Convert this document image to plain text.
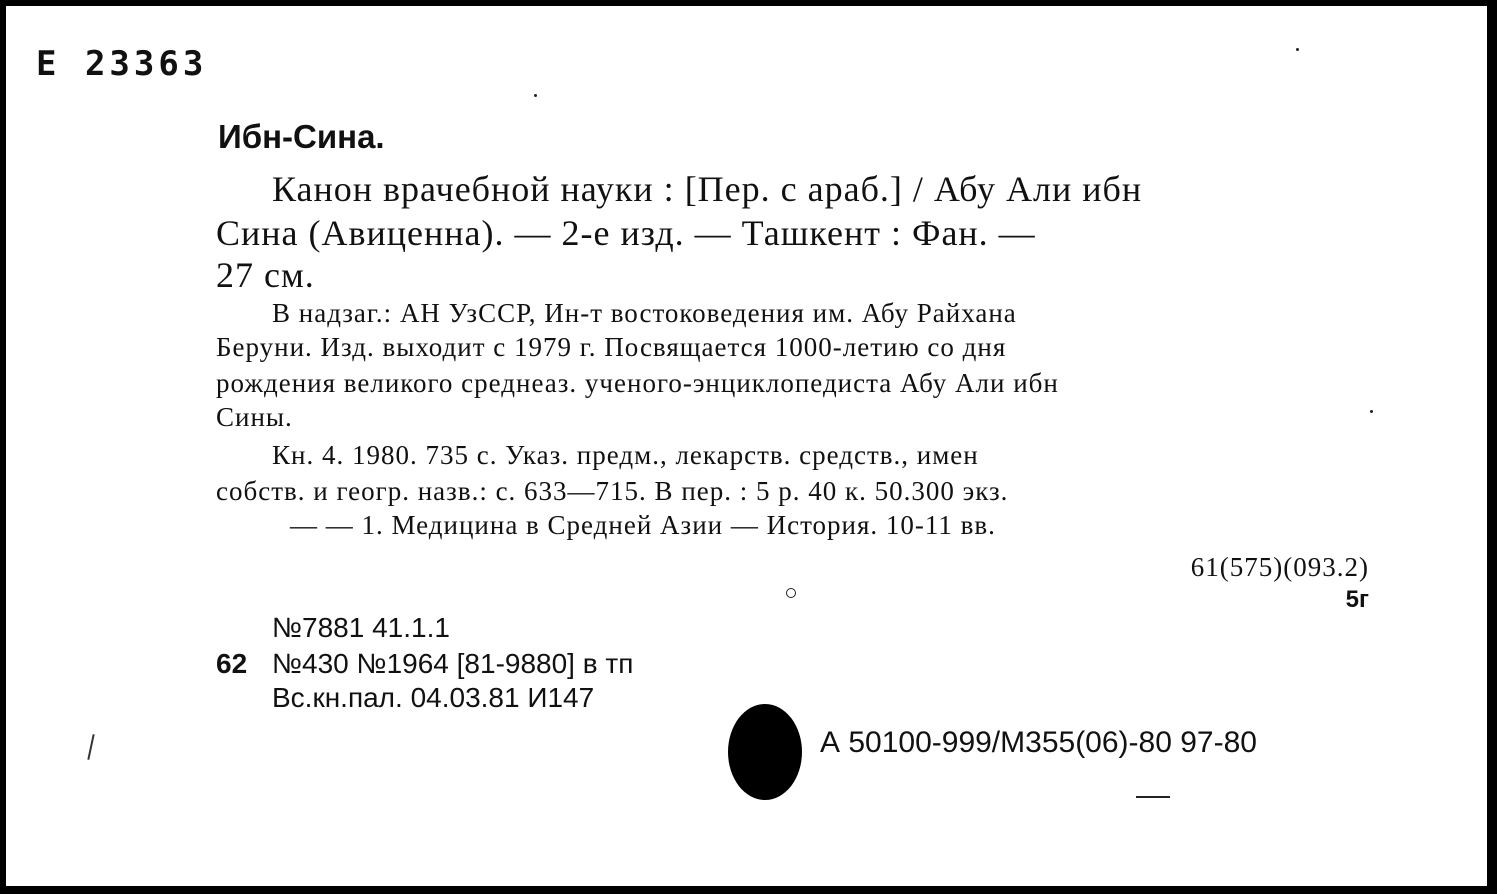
Е 23363
Ибн-Сина.
Канон врачебной науки : [Пер. с араб.] / Абу Али ибн
Сина (Авиценна). — 2-е изд. — Ташкент : Фан. —
27 см.
В надзаг.: АН УзССР, Ин-т востоковедения им. Абу Райхана
Беруни. Изд. выходит с 1979 г. Посвящается 1000-летию со дня
рождения великого среднеаз. ученого-энциклопедиста Абу Али ибн
Сины.
Кн. 4. 1980. 735 с. Указ. предм., лекарств. средств., имен
собств. и геогр. назв.: с. 633—715. В пер. : 5 р. 40 к. 50.300 экз.
— — 1. Медицина в Средней Азии — История. 10-11 вв.
61(575)(093.2)
5г
№7881 41.1.1
62 №430 №1964 [81-9880] в тп
Вс.кн.пал. 04.03.81 И147
А 50100-999/М355(06)-80 97-80
